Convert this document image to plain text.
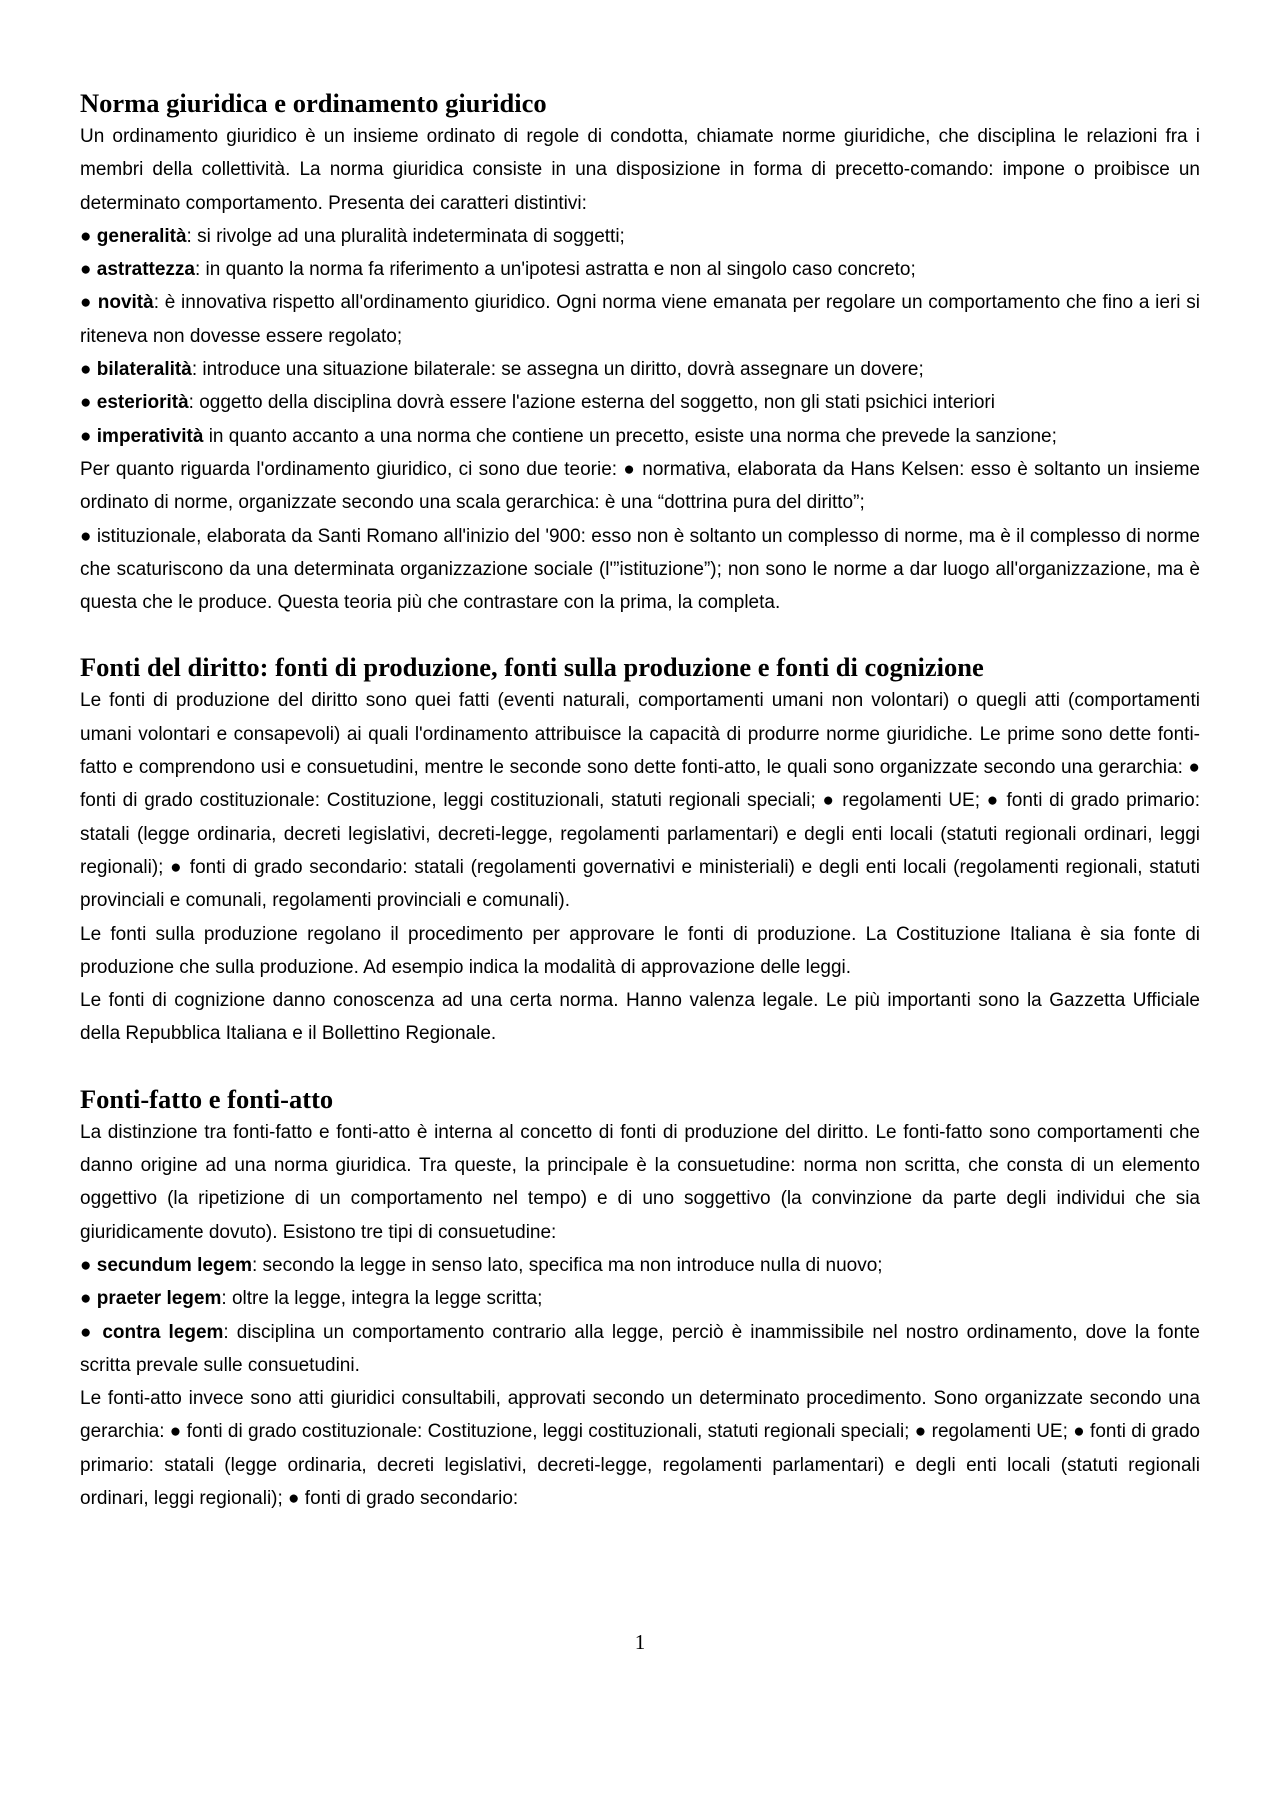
Norma giuridica e ordinamento giuridico

Un ordinamento giuridico è un insieme ordinato di regole di condotta, chiamate norme giuridiche, che disciplina le relazioni fra i membri della collettività. La norma giuridica consiste in una disposizione in forma di precetto-comando: impone o proibisce un determinato comportamento. Presenta dei caratteri distintivi:

● generalità: si rivolge ad una pluralità indeterminata di soggetti;

● astrattezza: in quanto la norma fa riferimento a un'ipotesi astratta e non al singolo caso concreto;

● novità: è innovativa rispetto all'ordinamento giuridico. Ogni norma viene emanata per regolare un comportamento che fino a ieri si riteneva non dovesse essere regolato;

● bilateralità: introduce una situazione bilaterale: se assegna un diritto, dovrà assegnare un dovere;

● esteriorità: oggetto della disciplina dovrà essere l'azione esterna del soggetto, non gli stati psichici interiori

● imperatività in quanto accanto a una norma che contiene un precetto, esiste una norma che prevede la sanzione;

Per quanto riguarda l'ordinamento giuridico, ci sono due teorie: ● normativa, elaborata da Hans Kelsen: esso è soltanto un insieme ordinato di norme, organizzate secondo una scala gerarchica: è una “dottrina pura del diritto”;

● istituzionale, elaborata da Santi Romano all'inizio del '900: esso non è soltanto un complesso di norme, ma è il complesso di norme che scaturiscono da una determinata organizzazione sociale (l'”istituzione”); non sono le norme a dar luogo all'organizzazione, ma è questa che le produce. Questa teoria più che contrastare con la prima, la completa.

Fonti del diritto: fonti di produzione, fonti sulla produzione e fonti di cognizione

Le fonti di produzione del diritto sono quei fatti (eventi naturali, comportamenti umani non volontari) o quegli atti (comportamenti umani volontari e consapevoli) ai quali l'ordinamento attribuisce la capacità di produrre norme giuridiche. Le prime sono dette fonti-fatto e comprendono usi e consuetudini, mentre le seconde sono dette fonti-atto, le quali sono organizzate secondo una gerarchia: ● fonti di grado costituzionale: Costituzione, leggi costituzionali, statuti regionali speciali; ● regolamenti UE; ● fonti di grado primario: statali (legge ordinaria, decreti legislativi, decreti-legge, regolamenti parlamentari) e degli enti locali (statuti regionali ordinari, leggi regionali); ● fonti di grado secondario: statali (regolamenti governativi e ministeriali) e degli enti locali (regolamenti regionali, statuti provinciali e comunali, regolamenti provinciali e comunali).

Le fonti sulla produzione regolano il procedimento per approvare le fonti di produzione. La Costituzione Italiana è sia fonte di produzione che sulla produzione. Ad esempio indica la modalità di approvazione delle leggi.

Le fonti di cognizione danno conoscenza ad una certa norma. Hanno valenza legale. Le più importanti sono la Gazzetta Ufficiale della Repubblica Italiana e il Bollettino Regionale.

Fonti-fatto e fonti-atto

La distinzione tra fonti-fatto e fonti-atto è interna al concetto di fonti di produzione del diritto. Le fonti-fatto sono comportamenti che danno origine ad una norma giuridica. Tra queste, la principale è la consuetudine: norma non scritta, che consta di un elemento oggettivo (la ripetizione di un comportamento nel tempo) e di uno soggettivo (la convinzione da parte degli individui che sia giuridicamente dovuto). Esistono tre tipi di consuetudine:

● secundum legem: secondo la legge in senso lato, specifica ma non introduce nulla di nuovo;

● praeter legem: oltre la legge, integra la legge scritta;

● contra legem: disciplina un comportamento contrario alla legge, perciò è inammissibile nel nostro ordinamento, dove la fonte scritta prevale sulle consuetudini.

Le fonti-atto invece sono atti giuridici consultabili, approvati secondo un determinato procedimento. Sono organizzate secondo una gerarchia: ● fonti di grado costituzionale: Costituzione, leggi costituzionali, statuti regionali speciali; ● regolamenti UE; ● fonti di grado primario: statali (legge ordinaria, decreti legislativi, decreti-legge, regolamenti parlamentari) e degli enti locali (statuti regionali ordinari, leggi regionali); ● fonti di grado secondario:

1
